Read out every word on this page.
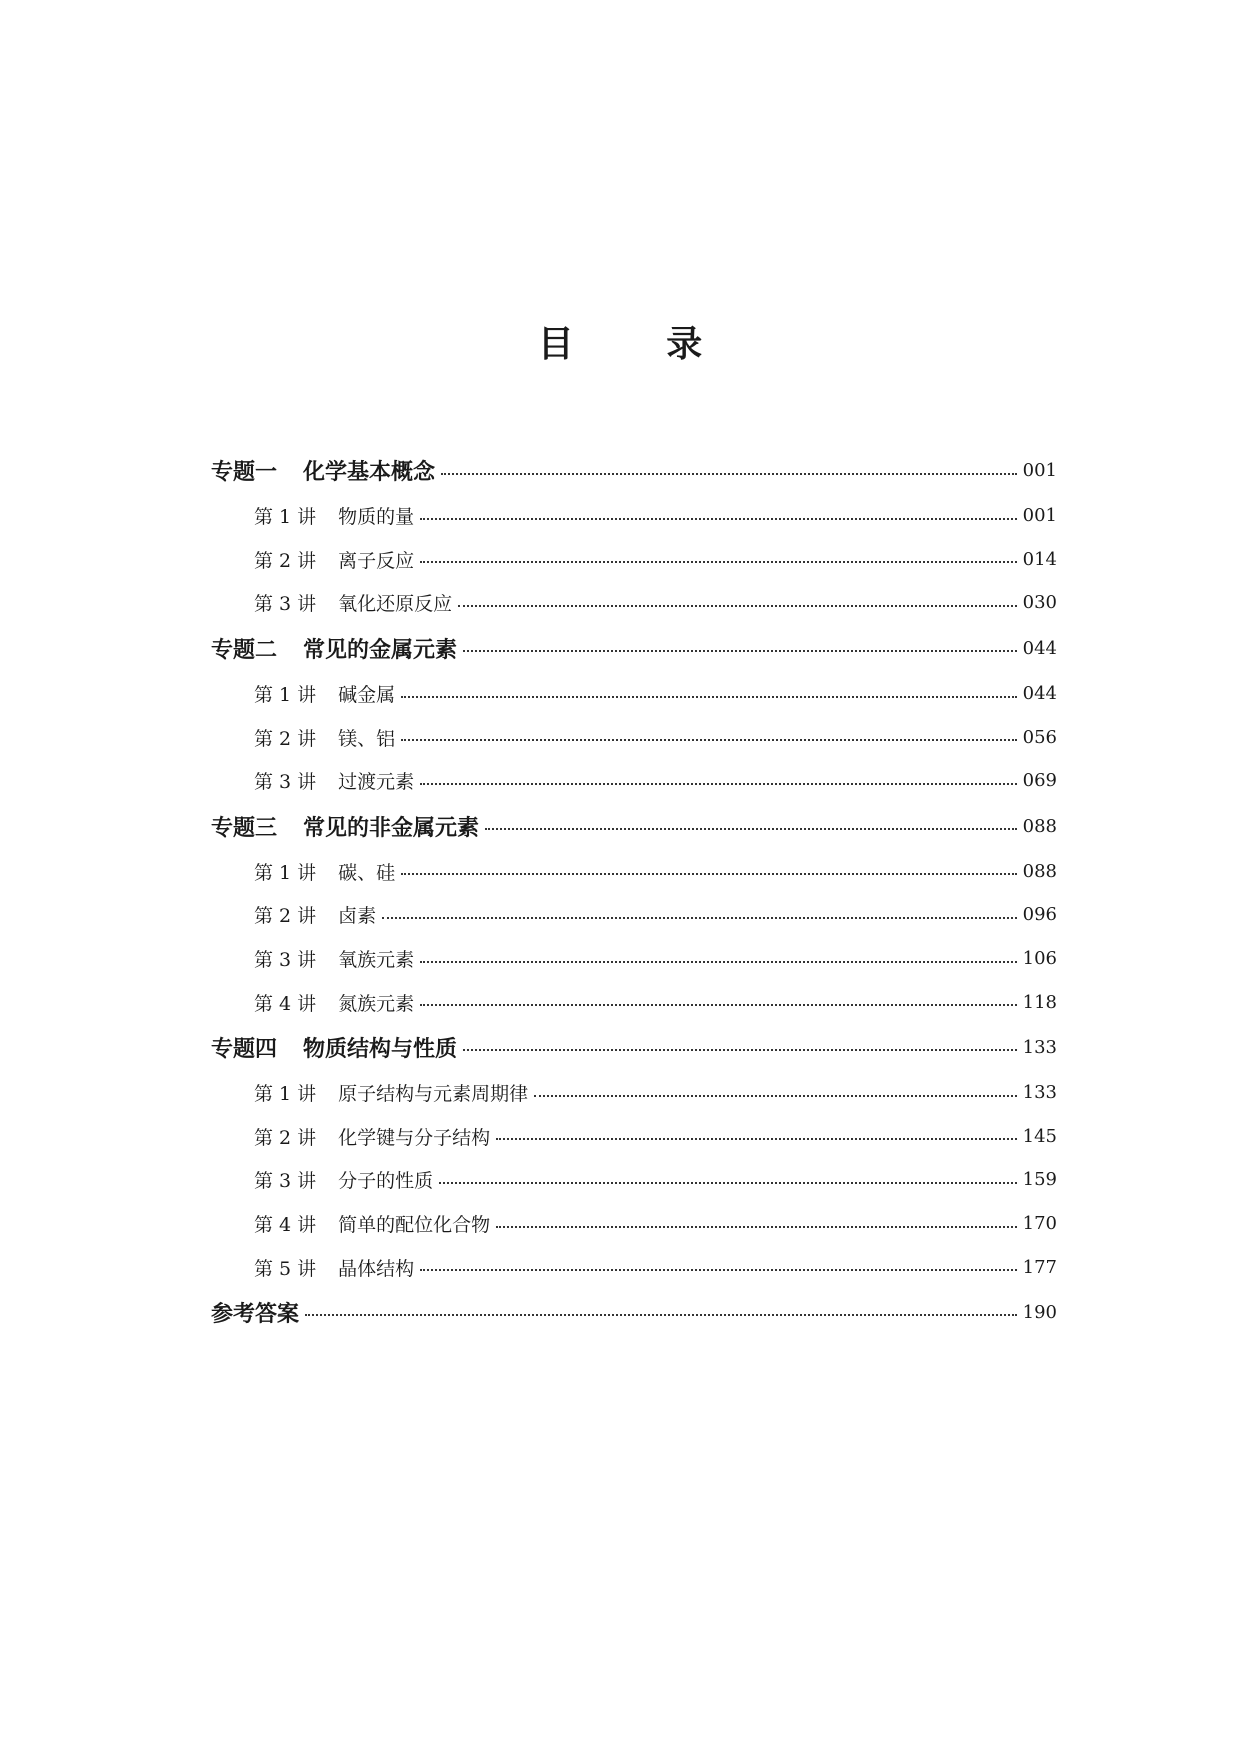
目 录
专题一 化学基本概念	001
第 1 讲 物质的量	001
第 2 讲 离子反应	014
第 3 讲 氧化还原反应	030
专题二 常见的金属元素	044
第 1 讲 碱金属	044
第 2 讲 镁、铝	056
第 3 讲 过渡元素	069
专题三 常见的非金属元素	088
第 1 讲 碳、硅	088
第 2 讲 卤素	096
第 3 讲 氧族元素	106
第 4 讲 氮族元素	118
专题四 物质结构与性质	133
第 1 讲 原子结构与元素周期律	133
第 2 讲 化学键与分子结构	145
第 3 讲 分子的性质	159
第 4 讲 简单的配位化合物	170
第 5 讲 晶体结构	177
参考答案	190
